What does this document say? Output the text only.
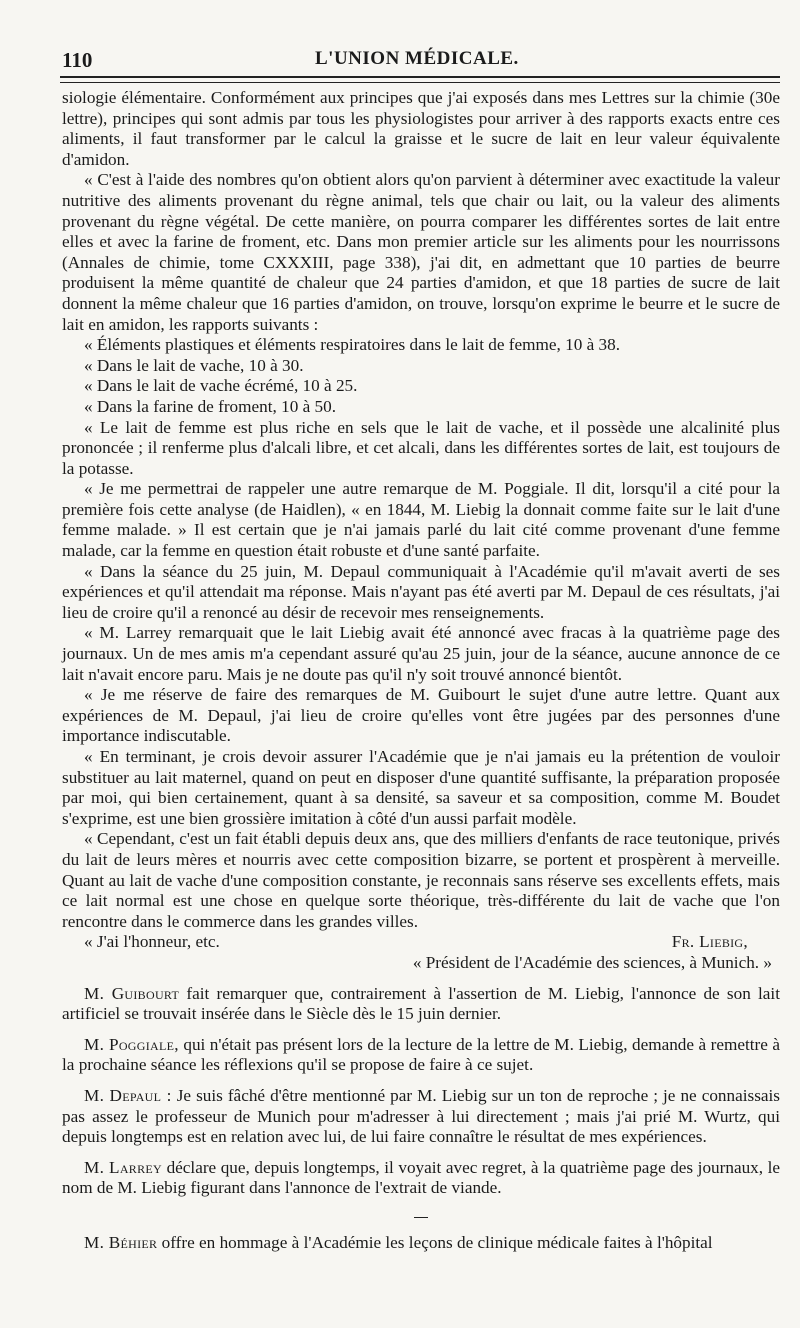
110	L'UNION MÉDICALE.

siologie élémentaire. Conformément aux principes que j'ai exposés dans mes Lettres sur la chimie (30e lettre), principes qui sont admis par tous les physiologistes pour arriver à des rapports exacts entre ces aliments, il faut transformer par le calcul la graisse et le sucre de lait en leur valeur équivalente d'amidon.

« C'est à l'aide des nombres qu'on obtient alors qu'on parvient à déterminer avec exactitude la valeur nutritive des aliments provenant du règne animal, tels que chair ou lait, ou la valeur des aliments provenant du règne végétal. De cette manière, on pourra comparer les différentes sortes de lait entre elles et avec la farine de froment, etc. Dans mon premier article sur les aliments pour les nourrissons (Annales de chimie, tome CXXXIII, page 338), j'ai dit, en admettant que 10 parties de beurre produisent la même quantité de chaleur que 24 parties d'amidon, et que 18 parties de sucre de lait donnent la même chaleur que 16 parties d'amidon, on trouve, lorsqu'on exprime le beurre et le sucre de lait en amidon, les rapports suivants :

« Éléments plastiques et éléments respiratoires dans le lait de femme, 10 à 38.

« Dans le lait de vache, 10 à 30.

« Dans le lait de vache écrémé, 10 à 25.

« Dans la farine de froment, 10 à 50.

« Le lait de femme est plus riche en sels que le lait de vache, et il possède une alcalinité plus prononcée ; il renferme plus d'alcali libre, et cet alcali, dans les différentes sortes de lait, est toujours de la potasse.

« Je me permettrai de rappeler une autre remarque de M. Poggiale. Il dit, lorsqu'il a cité pour la première fois cette analyse (de Haidlen), « en 1844, M. Liebig la donnait comme faite sur le lait d'une femme malade. » Il est certain que je n'ai jamais parlé du lait cité comme provenant d'une femme malade, car la femme en question était robuste et d'une santé parfaite.

« Dans la séance du 25 juin, M. Depaul communiquait à l'Académie qu'il m'avait averti de ses expériences et qu'il attendait ma réponse. Mais n'ayant pas été averti par M. Depaul de ces résultats, j'ai lieu de croire qu'il a renoncé au désir de recevoir mes renseignements.

« M. Larrey remarquait que le lait Liebig avait été annoncé avec fracas à la quatrième page des journaux. Un de mes amis m'a cependant assuré qu'au 25 juin, jour de la séance, aucune annonce de ce lait n'avait encore paru. Mais je ne doute pas qu'il n'y soit trouvé annoncé bientôt.

« Je me réserve de faire des remarques de M. Guibourt le sujet d'une autre lettre. Quant aux expériences de M. Depaul, j'ai lieu de croire qu'elles vont être jugées par des personnes d'une importance indiscutable.

« En terminant, je crois devoir assurer l'Académie que je n'ai jamais eu la prétention de vouloir substituer au lait maternel, quand on peut en disposer d'une quantité suffisante, la préparation proposée par moi, qui bien certainement, quant à sa densité, sa saveur et sa composition, comme M. Boudet s'exprime, est une bien grossière imitation à côté d'un aussi parfait modèle.

« Cependant, c'est un fait établi depuis deux ans, que des milliers d'enfants de race teutonique, privés du lait de leurs mères et nourris avec cette composition bizarre, se portent et prospèrent à merveille. Quant au lait de vache d'une composition constante, je reconnais sans réserve ses excellents effets, mais ce lait normal est une chose en quelque sorte théorique, très-différente du lait de vache que l'on rencontre dans le commerce dans les grandes villes.

« J'ai l'honneur, etc.	Fr. Liebig,

« Président de l'Académie des sciences, à Munich. »

M. Guibourt fait remarquer que, contrairement à l'assertion de M. Liebig, l'annonce de son lait artificiel se trouvait insérée dans le Siècle dès le 15 juin dernier.

M. Poggiale, qui n'était pas présent lors de la lecture de la lettre de M. Liebig, demande à remettre à la prochaine séance les réflexions qu'il se propose de faire à ce sujet.

M. Depaul : Je suis fâché d'être mentionné par M. Liebig sur un ton de reproche ; je ne connaissais pas assez le professeur de Munich pour m'adresser à lui directement ; mais j'ai prié M. Wurtz, qui depuis longtemps est en relation avec lui, de lui faire connaître le résultat de mes expériences.

M. Larrey déclare que, depuis longtemps, il voyait avec regret, à la quatrième page des journaux, le nom de M. Liebig figurant dans l'annonce de l'extrait de viande.

M. Béhier offre en hommage à l'Académie les leçons de clinique médicale faites à l'hôpital
